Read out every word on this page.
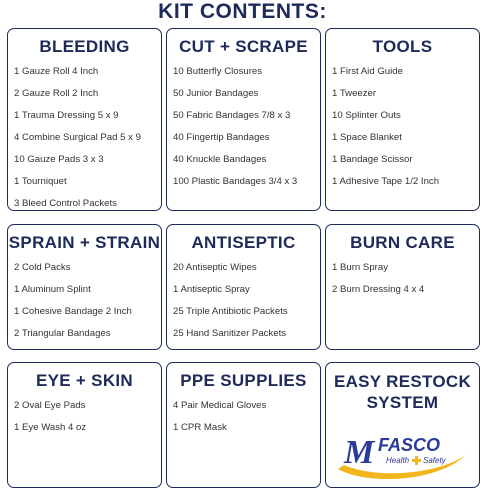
KIT CONTENTS:
BLEEDING
1 Gauze Roll 4 Inch
2 Gauze Roll 2 Inch
1 Trauma Dressing 5 x 9
4 Combine Surgical Pad 5 x 9
10 Gauze Pads 3 x 3
1 Tourniquet
3 Bleed Control Packets
CUT + SCRAPE
10 Butterfly Closures
50 Junior Bandages
50 Fabric Bandages 7/8 x 3
40 Fingertip Bandages
40 Knuckle Bandages
100 Plastic Bandages 3/4 x 3
TOOLS
1 First Aid Guide
1 Tweezer
10 Splinter Outs
1 Space Blanket
1 Bandage Scissor
1 Adhesive Tape 1/2 Inch
SPRAIN + STRAIN
2 Cold Packs
1 Aluminum Splint
1 Cohesive Bandage 2 Inch
2 Triangular Bandages
ANTISEPTIC
20 Antiseptic Wipes
1 Antiseptic Spray
25 Triple Antibiotic Packets
25 Hand Sanitizer Packets
BURN CARE
1 Burn Spray
2 Burn Dressing 4 x 4
EYE + SKIN
2 Oval Eye Pads
1 Eye Wash 4 oz
PPE SUPPLIES
4 Pair Medical Gloves
1 CPR Mask
EASY RESTOCK
SYSTEM
M FASCO
Health Safety
